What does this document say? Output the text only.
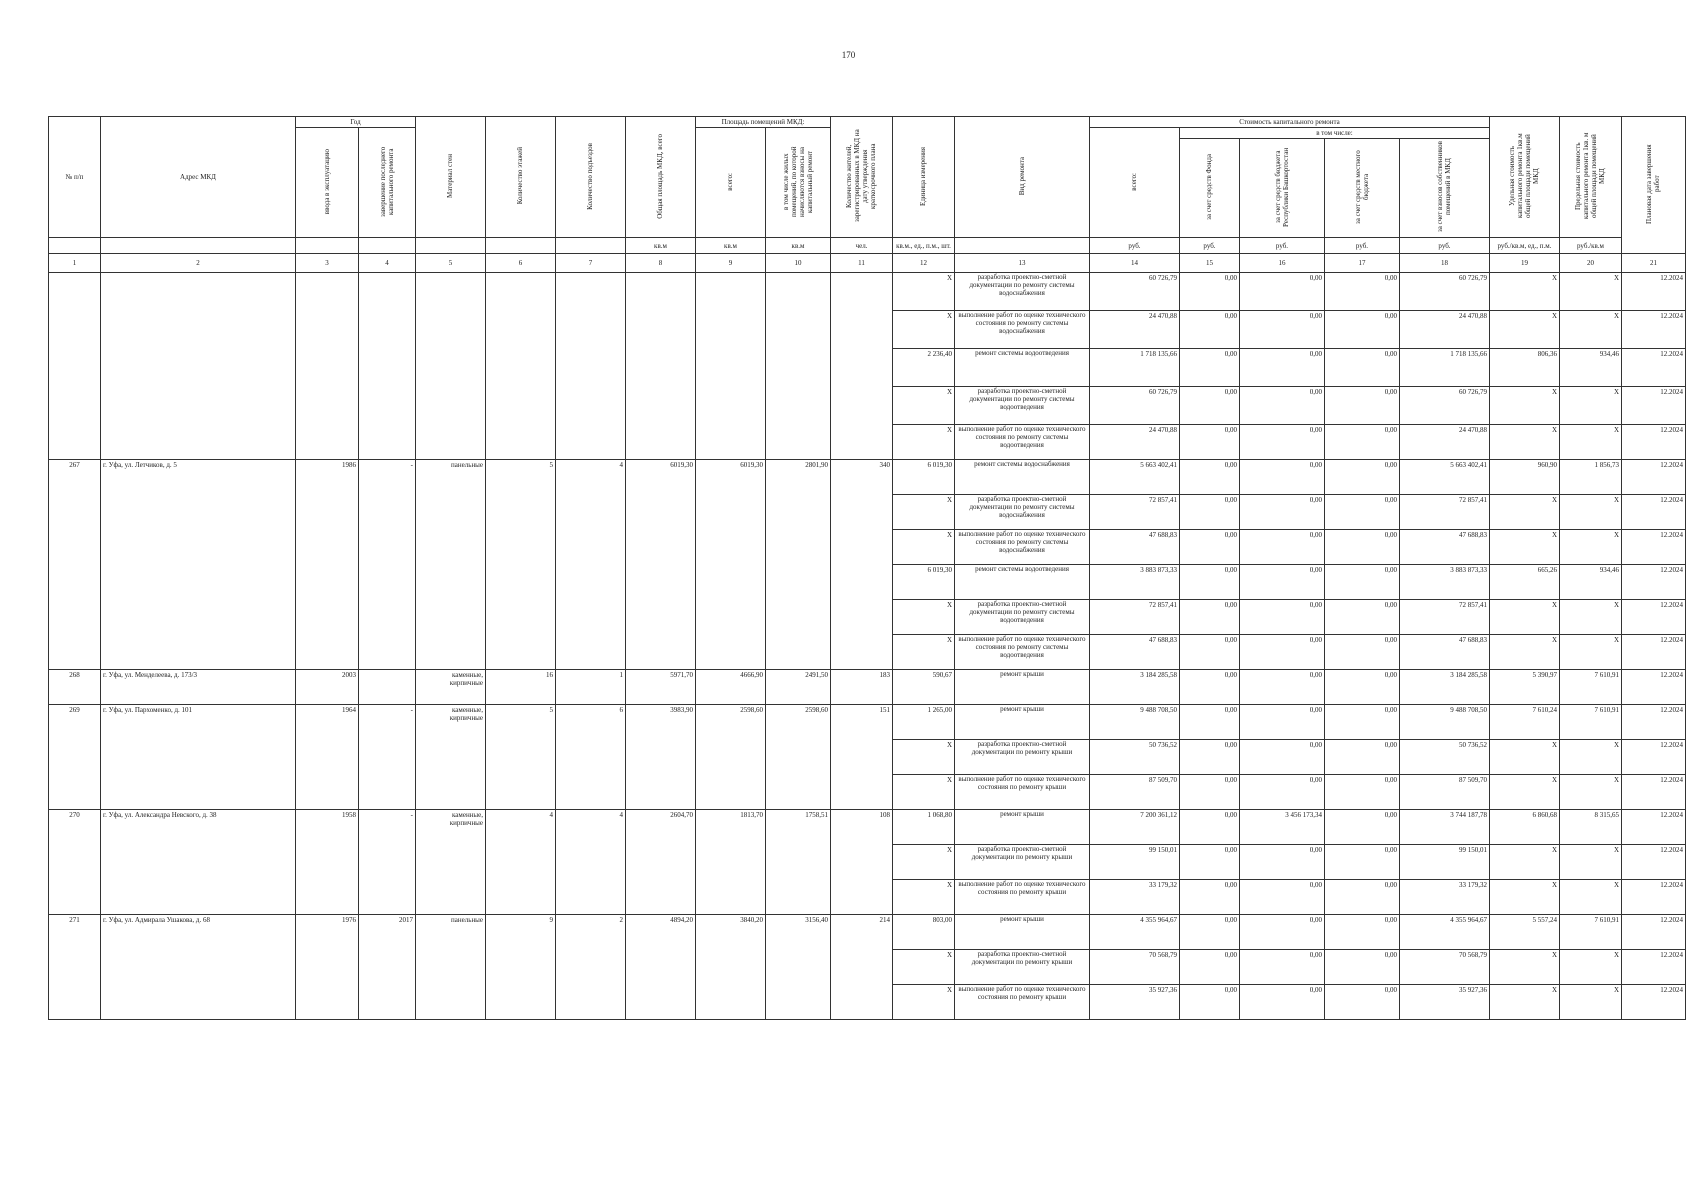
170
№ п/п	Адрес МКД	Год		Материал стен	Количество этажей	Количество подъездов	Общая площадь МКД, всего	Площадь помещений МКД:		Количество жителей, зарегистрированных в МКД на дату утверждения краткосрочного плана	Единица измерения	Вид ремонта	Стоимость капитального ремонта					Удельная стоимость капитального ремонта 1кв.м общей площади помещений МКД	Предельная стоимость капитального ремонта 1кв. м общей площади помещений МКД	Плановая дата завершения работ
		ввода в эксплуатацию	завершение последнего капитального ремонта					всего:	в том числе жилых помещений, по которой начисляются взносы на капитальный ремонт				всего:	в том числе:						
														за счет средств Фонда	за счет средств бюджета Республики Башкортостан	за счет средств местного бюджета	за счет взносов собственников помещений в МКД			
							кв.м	кв.м	кв.м	чел.	кв.м., ед., п.м., шт.		руб.	руб.	руб.	руб.	руб.	руб./кв.м, ед., п.м.	руб./кв.м	
1	2	3	4	5	6	7	8	9	10	11	12	13	14	15	16	17	18	19	20	21
											X	разработка проектно-сметной документации по ремонту системы водоснабжения	60 726,79	0,00	0,00	0,00	60 726,79	X	X	12.2024
											X	выполнение работ по оценке технического состояния по ремонту системы водоснабжения	24 470,88	0,00	0,00	0,00	24 470,88	X	X	12.2024
											2 236,40	ремонт системы водоотведения	1 718 135,66	0,00	0,00	0,00	1 718 135,66	806,36	934,46	12.2024
											X	разработка проектно-сметной документации по ремонту системы водоотведения	60 726,79	0,00	0,00	0,00	60 726,79	X	X	12.2024
											X	выполнение работ по оценке технического состояния по ремонту системы водоотведения	24 470,88	0,00	0,00	0,00	24 470,88	X	X	12.2024
267	г. Уфа, ул. Летчиков, д. 5	1986	-	панельные	5	4	6019,30	6019,30	2801,90	340	6 019,30	ремонт системы водоснабжения	5 663 402,41	0,00	0,00	0,00	5 663 402,41	960,90	1 856,73	12.2024
											X	разработка проектно-сметной документации по ремонту системы водоснабжения	72 857,41	0,00	0,00	0,00	72 857,41	X	X	12.2024
											X	выполнение работ по оценке технического состояния по ремонту системы водоснабжения	47 688,83	0,00	0,00	0,00	47 688,83	X	X	12.2024
											6 019,30	ремонт системы водоотведения	3 883 873,33	0,00	0,00	0,00	3 883 873,33	665,26	934,46	12.2024
											X	разработка проектно-сметной документации по ремонту системы водоотведения	72 857,41	0,00	0,00	0,00	72 857,41	X	X	12.2024
											X	выполнение работ по оценке технического состояния по ремонту системы водоотведения	47 688,83	0,00	0,00	0,00	47 688,83	X	X	12.2024
268	г. Уфа, ул. Менделеева, д. 173/3	2003		каменные, кирпичные	16	1	5971,70	4666,90	2491,50	183	590,67	ремонт крыши	3 184 285,58	0,00	0,00	0,00	3 184 285,58	5 390,97	7 610,91	12.2024
269	г. Уфа, ул. Пархоменко, д. 101	1964	-	каменные, кирпичные	5	6	3983,90	2598,60	2598,60	151	1 265,00	ремонт крыши	9 488 708,50	0,00	0,00	0,00	9 488 708,50	7 610,24	7 610,91	12.2024
											X	разработка проектно-сметной документации по ремонту крыши	50 736,52	0,00	0,00	0,00	50 736,52	X	X	12.2024
											X	выполнение работ по оценке технического состояния по ремонту крыши	87 509,70	0,00	0,00	0,00	87 509,70	X	X	12.2024
270	г. Уфа, ул. Александра Невского, д. 38	1958	-	каменные, кирпичные	4	4	2604,70	1813,70	1758,51	108	1 068,80	ремонт крыши	7 200 361,12	0,00	3 456 173,34	0,00	3 744 187,78	6 860,68	8 315,65	12.2024
											X	разработка проектно-сметной документации по ремонту крыши	99 150,01	0,00	0,00	0,00	99 150,01	X	X	12.2024
											X	выполнение работ по оценке технического состояния по ремонту крыши	33 179,32	0,00	0,00	0,00	33 179,32	X	X	12.2024
271	г. Уфа, ул. Адмирала Ушакова, д. 68	1976	2017	панельные	9	2	4894,20	3840,20	3156,40	214	803,00	ремонт крыши	4 355 964,67	0,00	0,00	0,00	4 355 964,67	5 557,24	7 610,91	12.2024
											X	разработка проектно-сметной документации по ремонту крыши	70 568,79	0,00	0,00	0,00	70 568,79	X	X	12.2024
											X	выполнение работ по оценке технического состояния по ремонту крыши	35 927,36	0,00	0,00	0,00	35 927,36	X	X	12.2024
